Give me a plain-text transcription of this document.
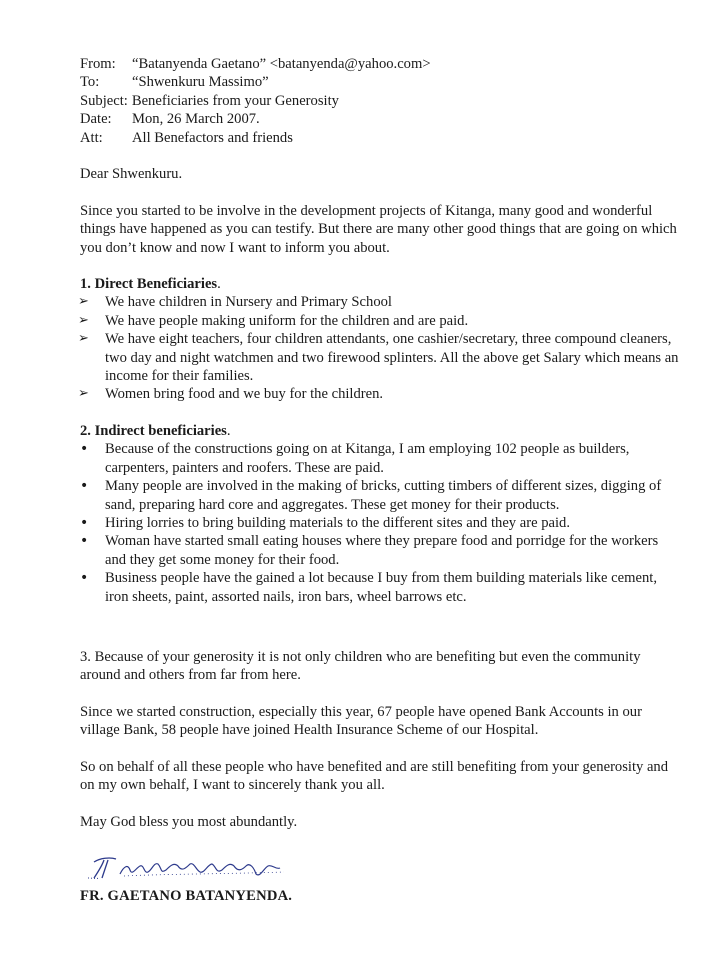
From:	“Batanyenda Gaetano” <batanyenda@yahoo.com>
To:	“Shwenkuru Massimo”
Subject: Beneficiaries from your Generosity
Date:	Mon, 26 March 2007.
Att:	All Benefactors and friends

Dear Shwenkuru.

Since you started to be involve in the development projects of Kitanga, many good and wonderful things have happened as you can testify. But there are many other good things that are going on which you don’t know and now I want to inform you about.

1. Direct Beneficiaries.

➢	We have children in Nursery and Primary School
➢	We have people making uniform for the children and are paid.
➢	We have eight teachers, four children attendants, one cashier/secretary, three compound cleaners, two day and night watchmen and two firewood splinters. All the above get Salary which means an income for their families.
➢	Women bring food and we buy for the children.

2. Indirect beneficiaries.

•	Because of the constructions going on at Kitanga, I am employing 102 people as builders, carpenters, painters and roofers. These are paid.
•	Many people are involved in the making of bricks, cutting timbers of different sizes, digging of sand, preparing hard core and aggregates. These get money for their products.
•	Hiring lorries to bring building materials to the different sites and they are paid.
•	Woman have started small eating houses where they prepare food and porridge for the workers and they get some money for their food.
•	Business people have the gained a lot because I buy from them building materials like cement, iron sheets, paint, assorted nails, iron bars, wheel barrows etc.

3. Because of your generosity it is not only children who are benefiting but even the community around and others from far from here.

Since we started construction, especially this year, 67 people have opened Bank Accounts in our village Bank, 58 people have joined Health Insurance Scheme of our Hospital.

So on behalf of all these people who have benefited and are still benefiting from your generosity and on my own behalf, I want to sincerely thank you all.

May God bless you most abundantly.

FR. GAETANO BATANYENDA.
